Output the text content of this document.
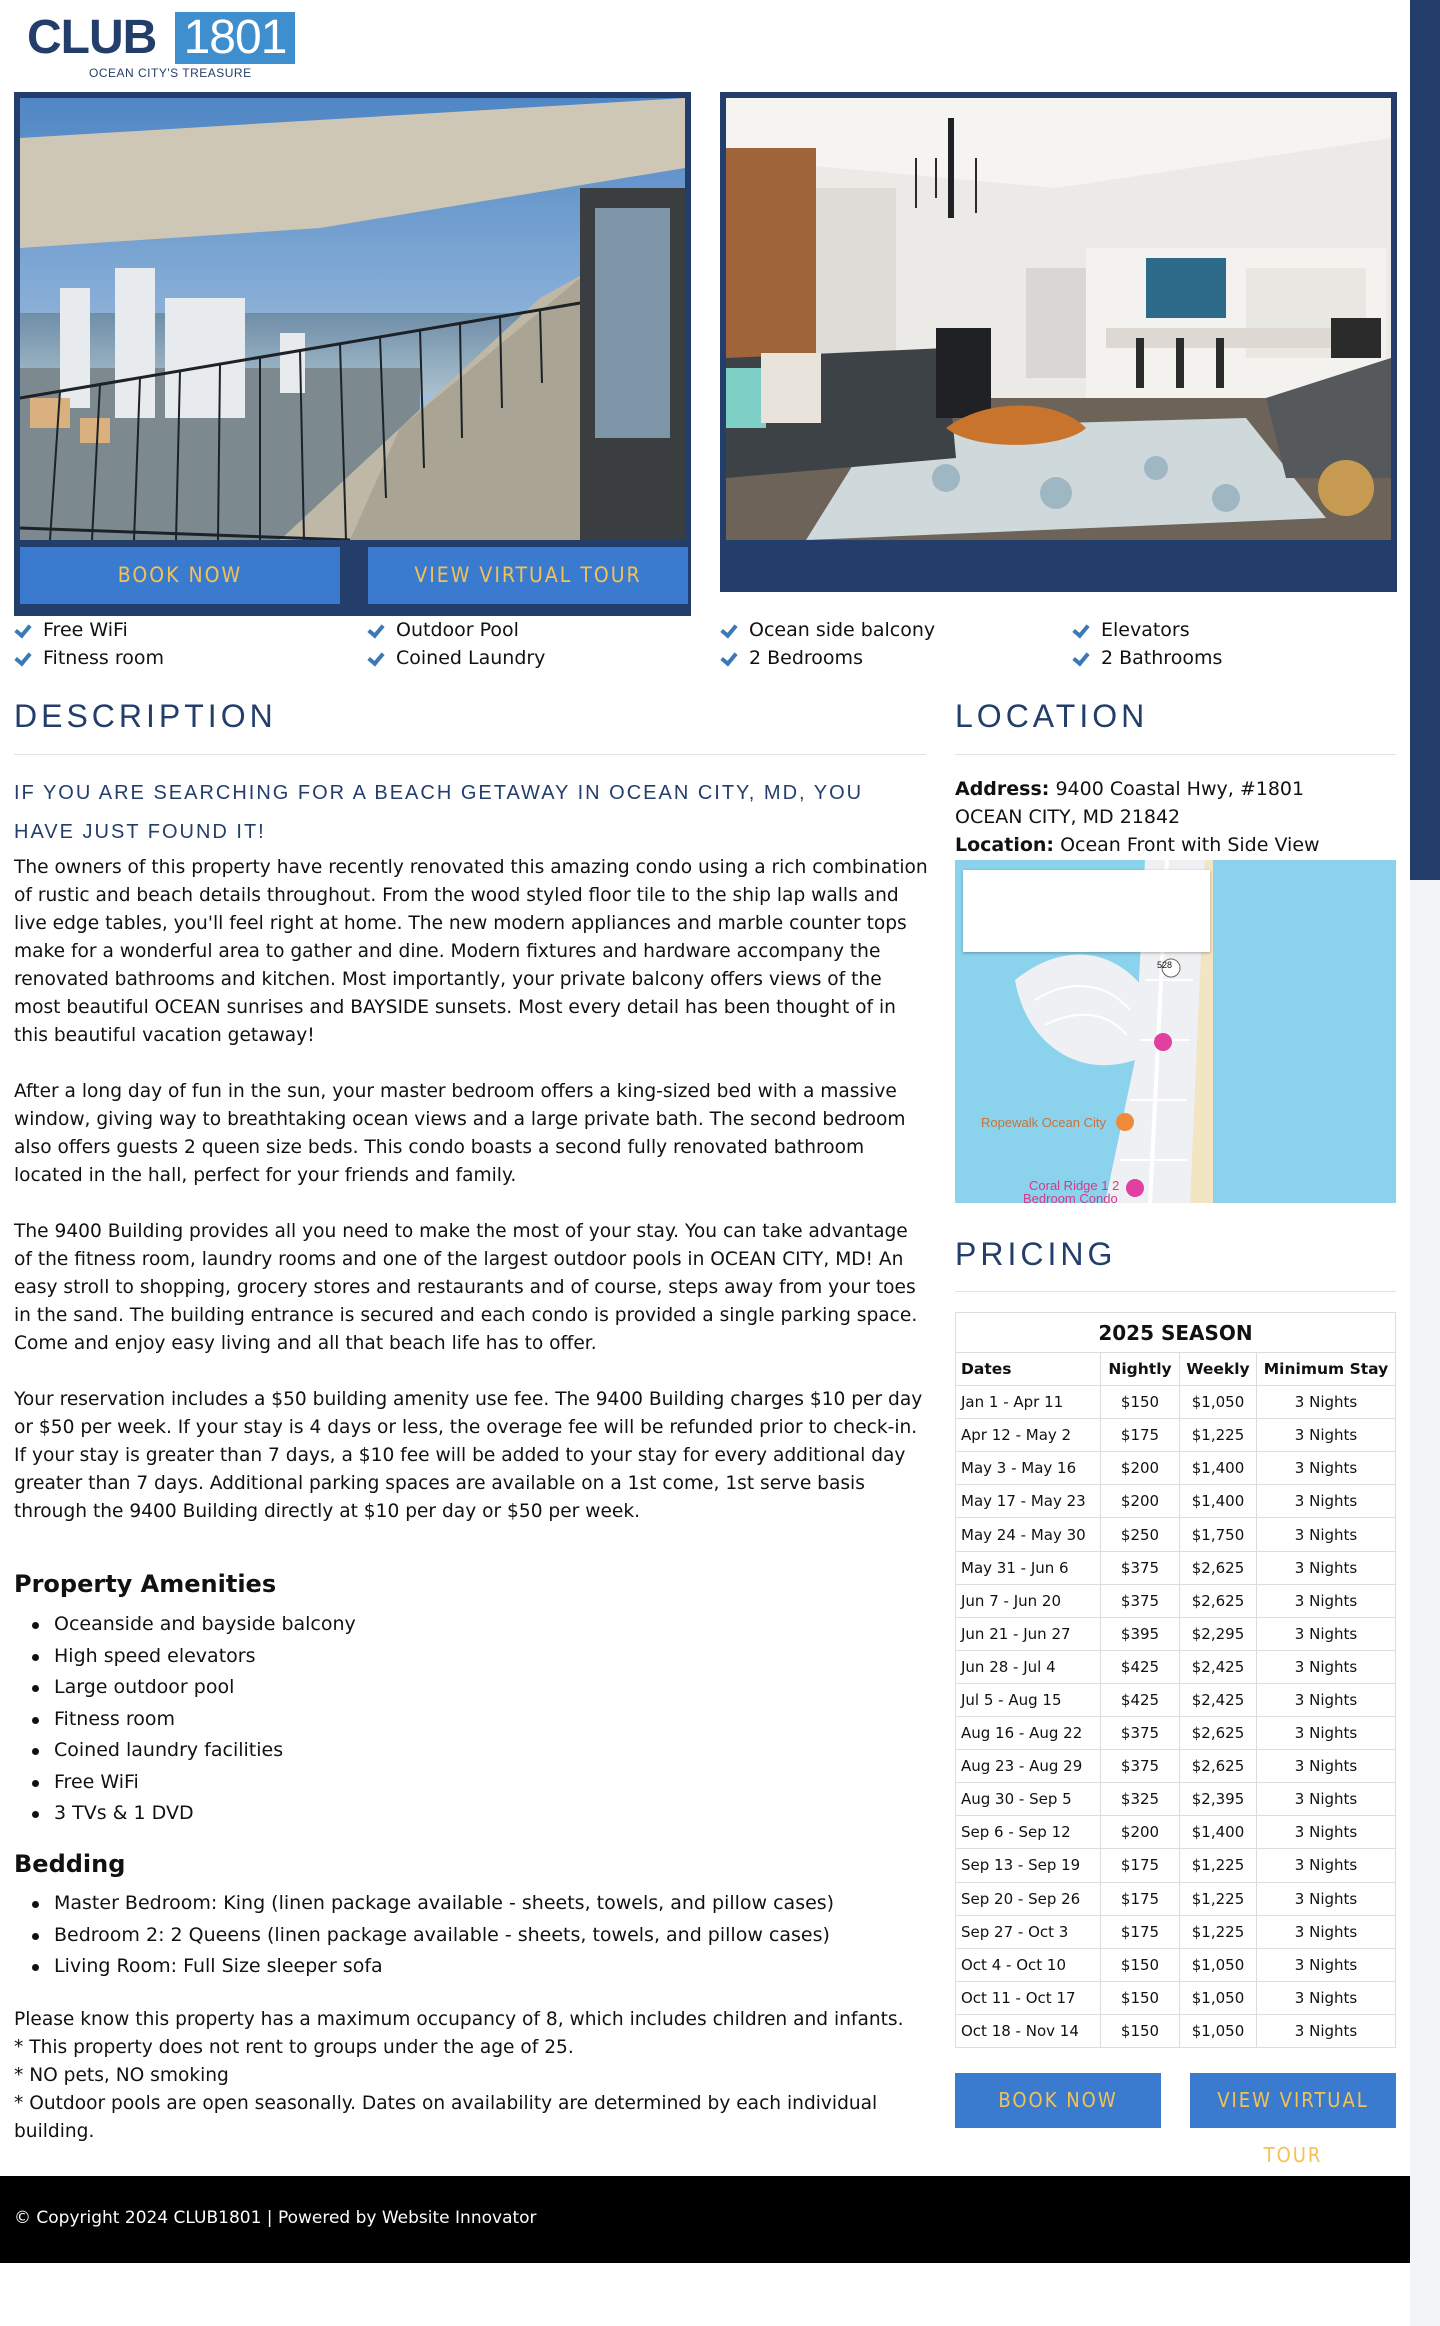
CLUB 1801
OCEAN CITY'S TREASURE
BOOK NOW	VIEW VIRTUAL TOUR
Free WiFi
Fitness room
Outdoor Pool
Coined Laundry
Ocean side balcony
2 Bedrooms
Elevators
2 Bathrooms
DESCRIPTION
IF YOU ARE SEARCHING FOR A BEACH GETAWAY IN OCEAN CITY, MD, YOU HAVE JUST FOUND IT!

The owners of this property have recently renovated this amazing condo using a rich combination of rustic and beach details throughout. From the wood styled floor tile to the ship lap walls and live edge tables, you'll feel right at home. The new modern appliances and marble counter tops make for a wonderful area to gather and dine. Modern fixtures and hardware accompany the renovated bathrooms and kitchen. Most importantly, your private balcony offers views of the most beautiful OCEAN sunrises and BAYSIDE sunsets. Most every detail has been thought of in this beautiful vacation getaway!

After a long day of fun in the sun, your master bedroom offers a king-sized bed with a massive window, giving way to breathtaking ocean views and a large private bath. The second bedroom also offers guests 2 queen size beds. This condo boasts a second fully renovated bathroom located in the hall, perfect for your friends and family.

The 9400 Building provides all you need to make the most of your stay. You can take advantage of the fitness room, laundry rooms and one of the largest outdoor pools in OCEAN CITY, MD! An easy stroll to shopping, grocery stores and restaurants and of course, steps away from your toes in the sand. The building entrance is secured and each condo is provided a single parking space. Come and enjoy easy living and all that beach life has to offer.

Your reservation includes a $50 building amenity use fee. The 9400 Building charges $10 per day or $50 per week. If your stay is 4 days or less, the overage fee will be refunded prior to check-in. If your stay is greater than 7 days, a $10 fee will be added to your stay for every additional day greater than 7 days. Additional parking spaces are available on a 1st come, 1st serve basis through the 9400 Building directly at $10 per day or $50 per week.

Property Amenities
Oceanside and bayside balcony
High speed elevators
Large outdoor pool
Fitness room
Coined laundry facilities
Free WiFi
3 TVs & 1 DVD
Bedding
Master Bedroom: King (linen package available - sheets, towels, and pillow cases)
Bedroom 2: 2 Queens (linen package available - sheets, towels, and pillow cases)
Living Room: Full Size sleeper sofa
Please know this property has a maximum occupancy of 8, which includes children and infants.
* This property does not rent to groups under the age of 25.
* NO pets, NO smoking
* Outdoor pools are open seasonally. Dates on availability are determined by each individual building.
LOCATION
Address: 9400 Coastal Hwy, #1801
OCEAN CITY, MD 21842
Location: Ocean Front with Side View
528
Ropewalk Ocean City
Coral Ridge 1 2
Bedroom Condo
PRICING
2025 SEASON			
Dates	Nightly	Weekly	Minimum Stay
Jan 1 - Apr 11	$150	$1,050	3 Nights
Apr 12 - May 2	$175	$1,225	3 Nights
May 3 - May 16	$200	$1,400	3 Nights
May 17 - May 23	$200	$1,400	3 Nights
May 24 - May 30	$250	$1,750	3 Nights
May 31 - Jun 6	$375	$2,625	3 Nights
Jun 7 - Jun 20	$375	$2,625	3 Nights
Jun 21 - Jun 27	$395	$2,295	3 Nights
Jun 28 - Jul 4	$425	$2,425	3 Nights
Jul 5 - Aug 15	$425	$2,425	3 Nights
Aug 16 - Aug 22	$375	$2,625	3 Nights
Aug 23 - Aug 29	$375	$2,625	3 Nights
Aug 30 - Sep 5	$325	$2,395	3 Nights
Sep 6 - Sep 12	$200	$1,400	3 Nights
Sep 13 - Sep 19	$175	$1,225	3 Nights
Sep 20 - Sep 26	$175	$1,225	3 Nights
Sep 27 - Oct 3	$175	$1,225	3 Nights
Oct 4 - Oct 10	$150	$1,050	3 Nights
Oct 11 - Oct 17	$150	$1,050	3 Nights
Oct 18 - Nov 14	$150	$1,050	3 Nights
BOOK NOW	VIEW VIRTUAL TOUR
© Copyright 2024 CLUB1801 | Powered by Website Innovator
